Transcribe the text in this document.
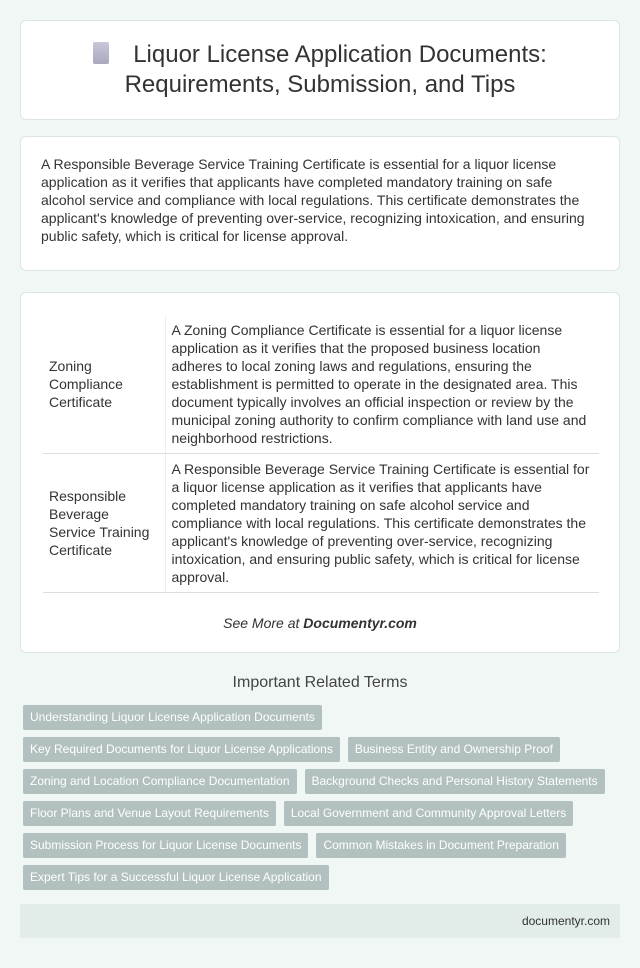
Liquor License Application Documents: Requirements, Submission, and Tips

A Responsible Beverage Service Training Certificate is essential for a liquor license application as it verifies that applicants have completed mandatory training on safe alcohol service and compliance with local regulations. This certificate demonstrates the applicant's knowledge of preventing over-service, recognizing intoxication, and ensuring public safety, which is critical for license approval.

Zoning Compliance Certificate	A Zoning Compliance Certificate is essential for a liquor license application as it verifies that the proposed business location adheres to local zoning laws and regulations, ensuring the establishment is permitted to operate in the designated area. This document typically involves an official inspection or review by the municipal zoning authority to confirm compliance with land use and neighborhood restrictions.
Responsible Beverage Service Training Certificate	A Responsible Beverage Service Training Certificate is essential for a liquor license application as it verifies that applicants have completed mandatory training on safe alcohol service and compliance with local regulations. This certificate demonstrates the applicant's knowledge of preventing over-service, recognizing intoxication, and ensuring public safety, which is critical for license approval.

See More at Documentyr.com

Important Related Terms
Understanding Liquor License Application Documents
Key Required Documents for Liquor License Applications	Business Entity and Ownership Proof
Zoning and Location Compliance Documentation	Background Checks and Personal History Statements
Floor Plans and Venue Layout Requirements	Local Government and Community Approval Letters
Submission Process for Liquor License Documents	Common Mistakes in Document Preparation
Expert Tips for a Successful Liquor License Application
documentyr.com
